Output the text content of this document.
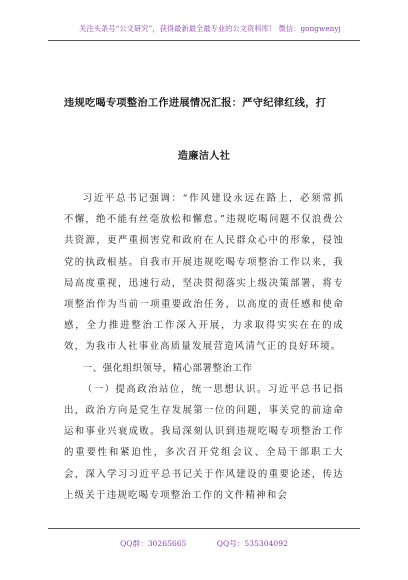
关注头条号“公文研究”，获得最新最全最专业的公文资料库！ 微信：gongwenyj
违规吃喝专项整治工作进展情况汇报：严守纪律红线，打
造廉洁人社

习近平总书记强调：“作风建设永远在路上，必须常抓不懈，绝不能有丝毫放松和懈怠。”违规吃喝问题不仅浪费公共资源，更严重损害党和政府在人民群众心中的形象，侵蚀党的执政根基。自我市开展违规吃喝专项整治工作以来，我局高度重视，迅速行动，坚决贯彻落实上级决策部署，将专项整治作为当前一项重要政治任务，以高度的责任感和使命感，全力推进整治工作深入开展，力求取得实实在在的成效，为我市人社事业高质量发展营造风清气正的良好环境。

一、强化组织领导，精心部署整治工作

（一）提高政治站位，统一思想认识。习近平总书记指出，政治方向是党生存发展第一位的问题，事关党的前途命运和事业兴衰成败。我局深刻认识到违规吃喝专项整治工作的重要性和紧迫性，多次召开党组会议、全局干部职工大会，深入学习习近平总书记关于作风建设的重要论述，传达上级关于违规吃喝专项整治工作的文件精神和会

QQ群：30265665	QQ号：535304092
